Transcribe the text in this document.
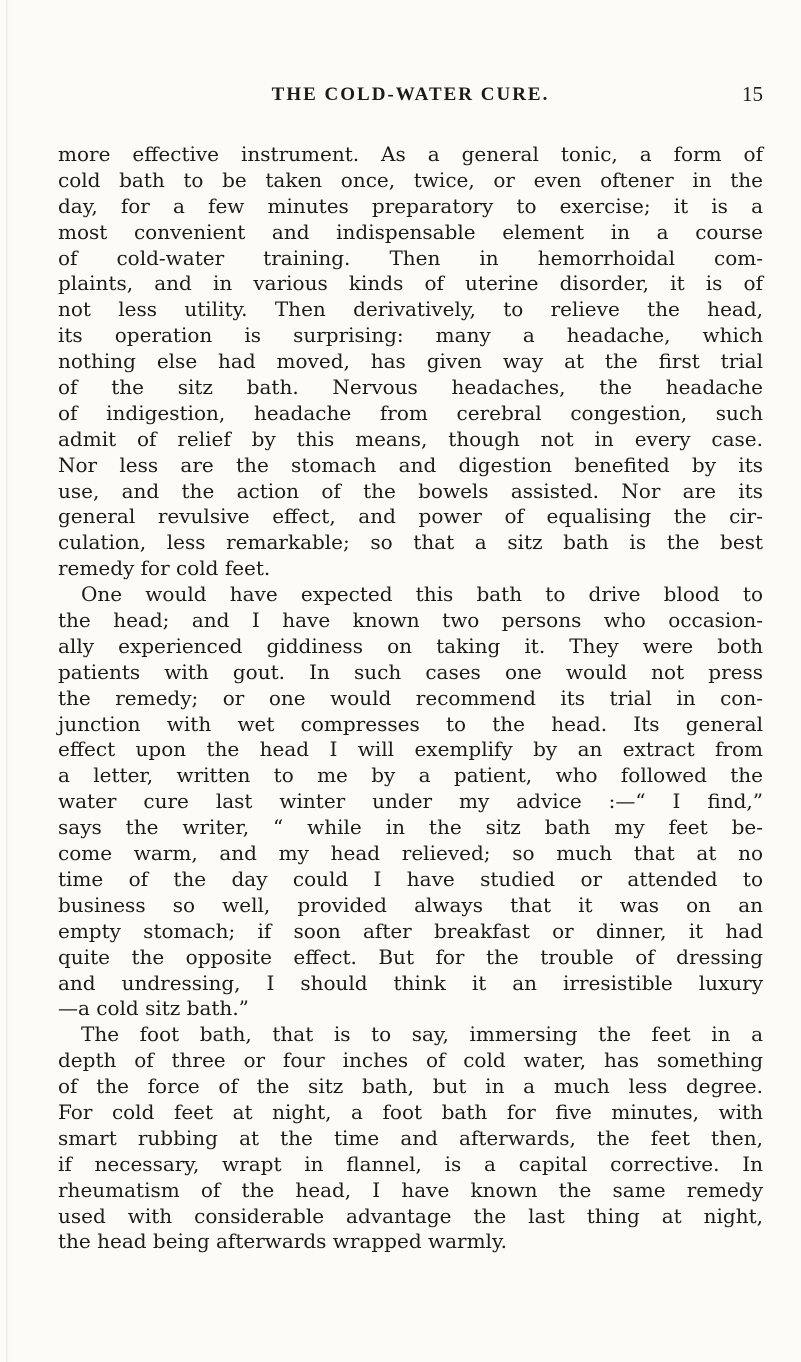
THE COLD-WATER CURE.	15
more effective instrument. As a general tonic, a form of
cold bath to be taken once, twice, or even oftener in the
day, for a few minutes preparatory to exercise; it is a
most convenient and indispensable element in a course
of cold-water training. Then in hemorrhoidal com-
plaints, and in various kinds of uterine disorder, it is of
not less utility. Then derivatively, to relieve the head,
its operation is surprising: many a headache, which
nothing else had moved, has given way at the first trial
of the sitz bath. Nervous headaches, the headache
of indigestion, headache from cerebral congestion, such
admit of relief by this means, though not in every case.
Nor less are the stomach and digestion benefited by its
use, and the action of the bowels assisted. Nor are its
general revulsive effect, and power of equalising the cir-
culation, less remarkable; so that a sitz bath is the best
remedy for cold feet.
One would have expected this bath to drive blood to
the head; and I have known two persons who occasion-
ally experienced giddiness on taking it. They were both
patients with gout. In such cases one would not press
the remedy; or one would recommend its trial in con-
junction with wet compresses to the head. Its general
effect upon the head I will exemplify by an extract from
a letter, written to me by a patient, who followed the
water cure last winter under my advice :—“ I find,”
says the writer, “ while in the sitz bath my feet be-
come warm, and my head relieved; so much that at no
time of the day could I have studied or attended to
business so well, provided always that it was on an
empty stomach; if soon after breakfast or dinner, it had
quite the opposite effect. But for the trouble of dressing
and undressing, I should think it an irresistible luxury
—a cold sitz bath.”
The foot bath, that is to say, immersing the feet in a
depth of three or four inches of cold water, has something
of the force of the sitz bath, but in a much less degree.
For cold feet at night, a foot bath for five minutes, with
smart rubbing at the time and afterwards, the feet then,
if necessary, wrapt in flannel, is a capital corrective. In
rheumatism of the head, I have known the same remedy
used with considerable advantage the last thing at night,
the head being afterwards wrapped warmly.
